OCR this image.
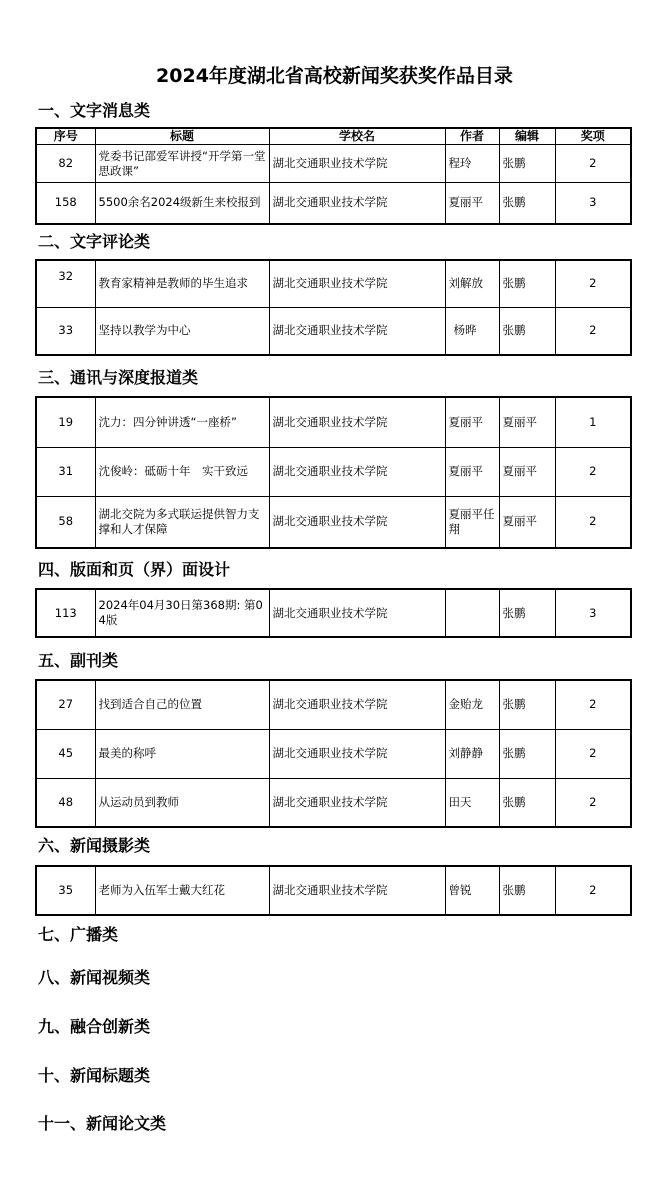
2024年度湖北省高校新闻奖获奖作品目录
一、文字消息类
序号	标题	学校名	作者	编辑	奖项
82	党委书记邵爱军讲授“开学第一堂思政课”	湖北交通职业技术学院	程玲	张鹏	2
158	5500余名2024级新生来校报到	湖北交通职业技术学院	夏丽平	张鹏	3
二、文字评论类
32	教育家精神是教师的毕生追求	湖北交通职业技术学院	刘解放	张鹏	2
33	坚持以教学为中心	湖北交通职业技术学院	杨晔	张鹏	2
三、通讯与深度报道类
19	沈力：四分钟讲透“一座桥”	湖北交通职业技术学院	夏丽平	夏丽平	1
31	沈俊岭：砥砺十年　实干致远	湖北交通职业技术学院	夏丽平	夏丽平	2
58	湖北交院为多式联运提供智力支撑和人才保障	湖北交通职业技术学院	夏丽平任翔	夏丽平	2
四、版面和页（界）面设计
113	2024年04月30日第368期: 第04版	湖北交通职业技术学院		张鹏	3
五、副刊类
27	找到适合自己的位置	湖北交通职业技术学院	金贻龙	张鹏	2
45	最美的称呼	湖北交通职业技术学院	刘静静	张鹏	2
48	从运动员到教师	湖北交通职业技术学院	田天	张鹏	2
六、新闻摄影类
35	老师为入伍军士戴大红花	湖北交通职业技术学院	曾锐	张鹏	2
七、广播类
八、新闻视频类
九、融合创新类
十、新闻标题类
十一、新闻论文类
